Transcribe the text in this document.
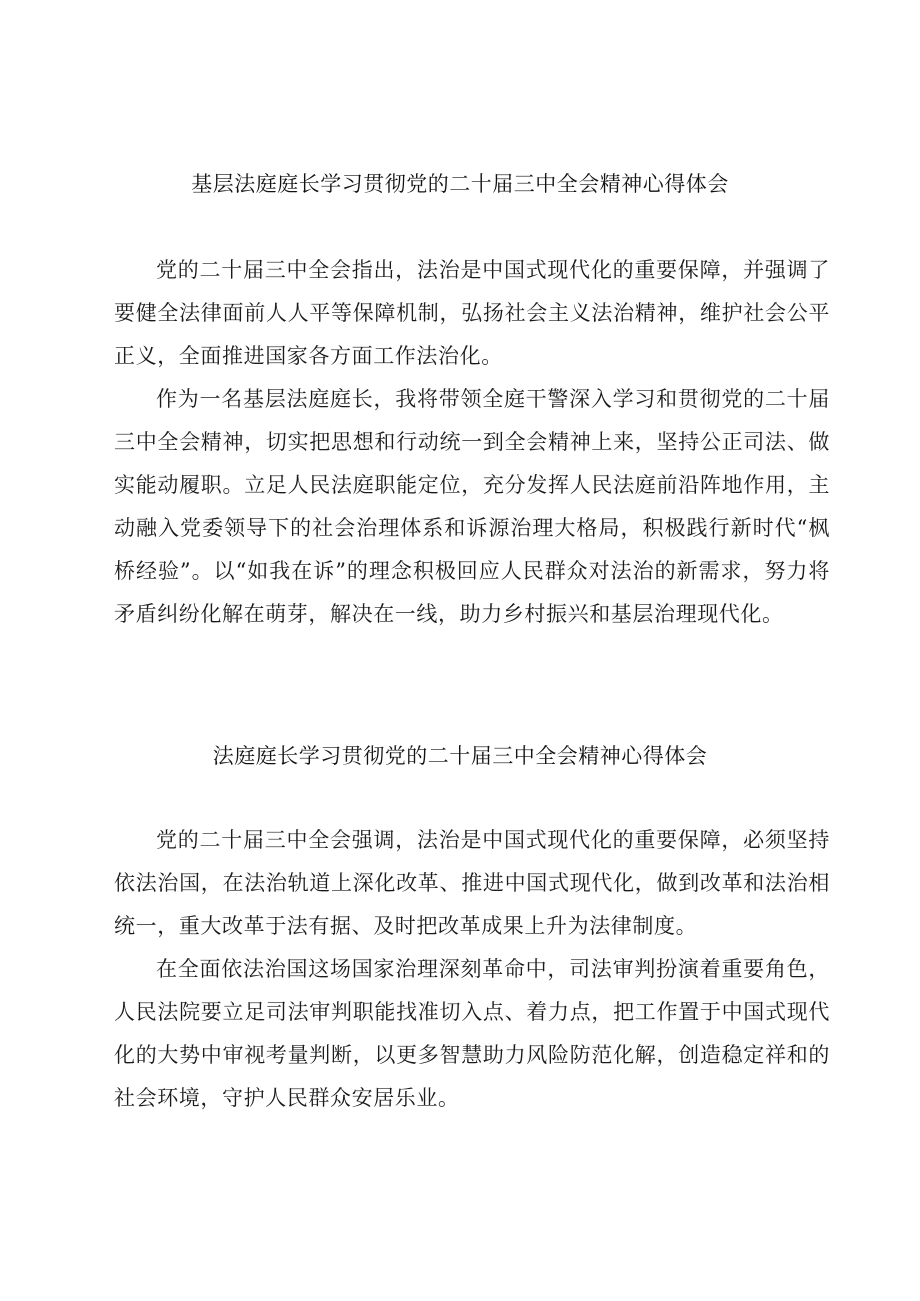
基层法庭庭长学习贯彻党的二十届三中全会精神心得体会

党的二十届三中全会指出，法治是中国式现代化的重要保障，并强调了要健全法律面前人人平等保障机制，弘扬社会主义法治精神，维护社会公平正义，全面推进国家各方面工作法治化。

作为一名基层法庭庭长，我将带领全庭干警深入学习和贯彻党的二十届三中全会精神，切实把思想和行动统一到全会精神上来，坚持公正司法、做实能动履职。立足人民法庭职能定位，充分发挥人民法庭前沿阵地作用，主动融入党委领导下的社会治理体系和诉源治理大格局，积极践行新时代“枫桥经验”。以“如我在诉”的理念积极回应人民群众对法治的新需求，努力将矛盾纠纷化解在萌芽，解决在一线，助力乡村振兴和基层治理现代化。

法庭庭长学习贯彻党的二十届三中全会精神心得体会

党的二十届三中全会强调，法治是中国式现代化的重要保障，必须坚持依法治国，在法治轨道上深化改革、推进中国式现代化，做到改革和法治相统一，重大改革于法有据、及时把改革成果上升为法律制度。

在全面依法治国这场国家治理深刻革命中，司法审判扮演着重要角色，人民法院要立足司法审判职能找准切入点、着力点，把工作置于中国式现代化的大势中审视考量判断，以更多智慧助力风险防范化解，创造稳定祥和的社会环境，守护人民群众安居乐业。
